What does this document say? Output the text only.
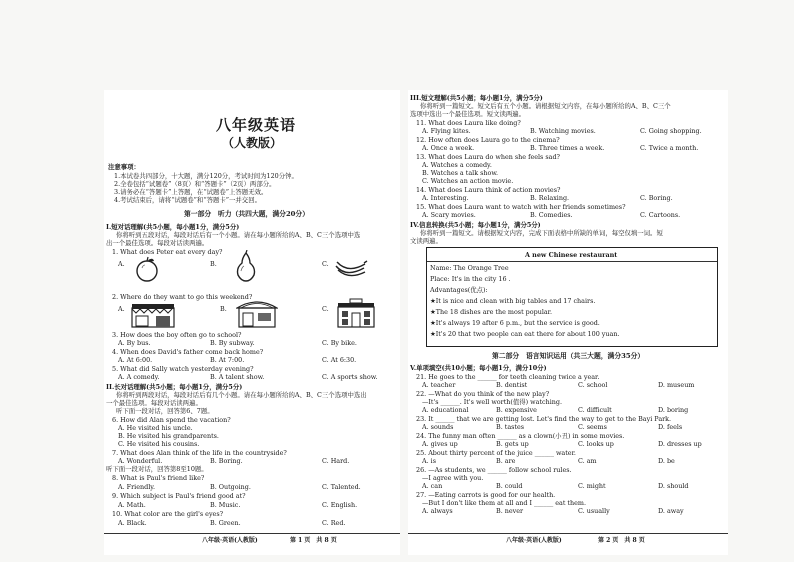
八年级英语
（人教版）
注意事项：
1.本试卷共四部分，十大题，满分120分，考试时间为120分钟。
2.全卷包括“试题卷”（8页）和“答题卡”（2页）两部分。
3.请务必在“答题卡”上答题，在“试题卷”上答题无效。
4.考试结束后，请将“试题卷”和“答题卡”一并交回。
第一部分　听力（共四大题，满分20分）
I.短对话理解(共5小题，每小题1分，满分5分)
你将听到五段对话，每段对话后有一个小题。请在每小题所给的A、B、C三个选项中选
出一个最佳选项。每段对话读两遍。
1. What does Peter eat every day?
A.	B.	C.
2. Where do they want to go this weekend?
A.	B.	C.
3. How does the boy often go to school?
A. By bus.	B. By subway.	C. By bike.
4. When does David's father come back home?
A. At 6:00.	B. At 7:00.	C. At 6:30.
5. What did Sally watch yesterday evening?
A. A comedy.	B. A talent show.	C. A sports show.
II.长对话理解(共5小题；每小题1分，满分5分)
你将听到两段对话，每段对话后有几个小题。请在每小题所给的A、B、C三个选项中选出
一个最佳选项。每段对话读两遍。
听下面一段对话，回答第6、7题。
6. How did Alan spend the vacation?
A. He visited his uncle.
B. He visited his grandparents.
C. He visited his cousins.
7. What does Alan think of the life in the countryside?
A. Wonderful.	B. Boring.	C. Hard.
听下面一段对话，回答第8至10题。
8. What is Paul's friend like?
A. Friendly.	B. Outgoing.	C. Talented.
9. Which subject is Paul's friend good at?
A. Math.	B. Music.	C. English.
10. What color are the girl's eyes?
A. Black.	B. Green.	C. Red.
八年级·英语(人教版)	第 1 页　共 8 页
III.短文理解(共5小题；每小题1分，满分5分)
你将听到一篇短文。短文后有五个小题。请根据短文内容，在每小题所给的A、B、C三个
选项中选出一个最佳选项。短文读两遍。
11. What does Laura like doing?
A. Flying kites.	B. Watching movies.	C. Going shopping.
12. How often does Laura go to the cinema?
A. Once a week.	B. Three times a week.	C. Twice a month.
13. What does Laura do when she feels sad?
A. Watches a comedy.
B. Watches a talk show.
C. Watches an action movie.
14. What does Laura think of action movies?
A. Interesting.	B. Relaxing.	C. Boring.
15. What does Laura want to watch with her friends sometimes?
A. Scary movies.	B. Comedies.	C. Cartoons.
IV.信息转换(共5小题；每小题1分，满分5分)
你将听到一篇短文。请根据短文内容，完成下面表格中所缺的单词，每空仅填一词。短
文读两遍。
A new Chinese restaurant
Name: The Orange Tree
Place: It's in the city 16 .
Advantages(优点):
★It is nice and clean with big tables and 17 chairs.
★The 18 dishes are the most popular.
★It's always 19 after 6 p.m., but the service is good.
★It's 20 that two people can eat there for about 100 yuan.
第二部分　语言知识运用（共三大题，满分35分）
V.单项填空(共10小题；每小题1分，满分10分)
21. He goes to the ______ for teeth cleaning twice a year.
A. teacher	B. dentist	C. school	D. museum
22. —What do you think of the new play?
—It's ______. It's well worth(值得) watching.
A. educational	B. expensive	C. difficult	D. boring
23. It ______ that we are getting lost. Let's find the way to get to the Bayi Park.
A. sounds	B. tastes	C. seems	D. feels
24. The funny man often ______ as a clown(小丑) in some movies.
A. gives up	B. gets up	C. looks up	D. dresses up
25. About thirty percent of the juice ______ water.
A. is	B. are	C. am	D. be
26. —As students, we ______ follow school rules.
—I agree with you.
A. can	B. could	C. might	D. should
27. —Eating carrots is good for our health.
—But I don't like them at all and I ______ eat them.
A. always	B. never	C. usually	D. away
八年级·英语(人教版)	第 2 页　共 8 页
